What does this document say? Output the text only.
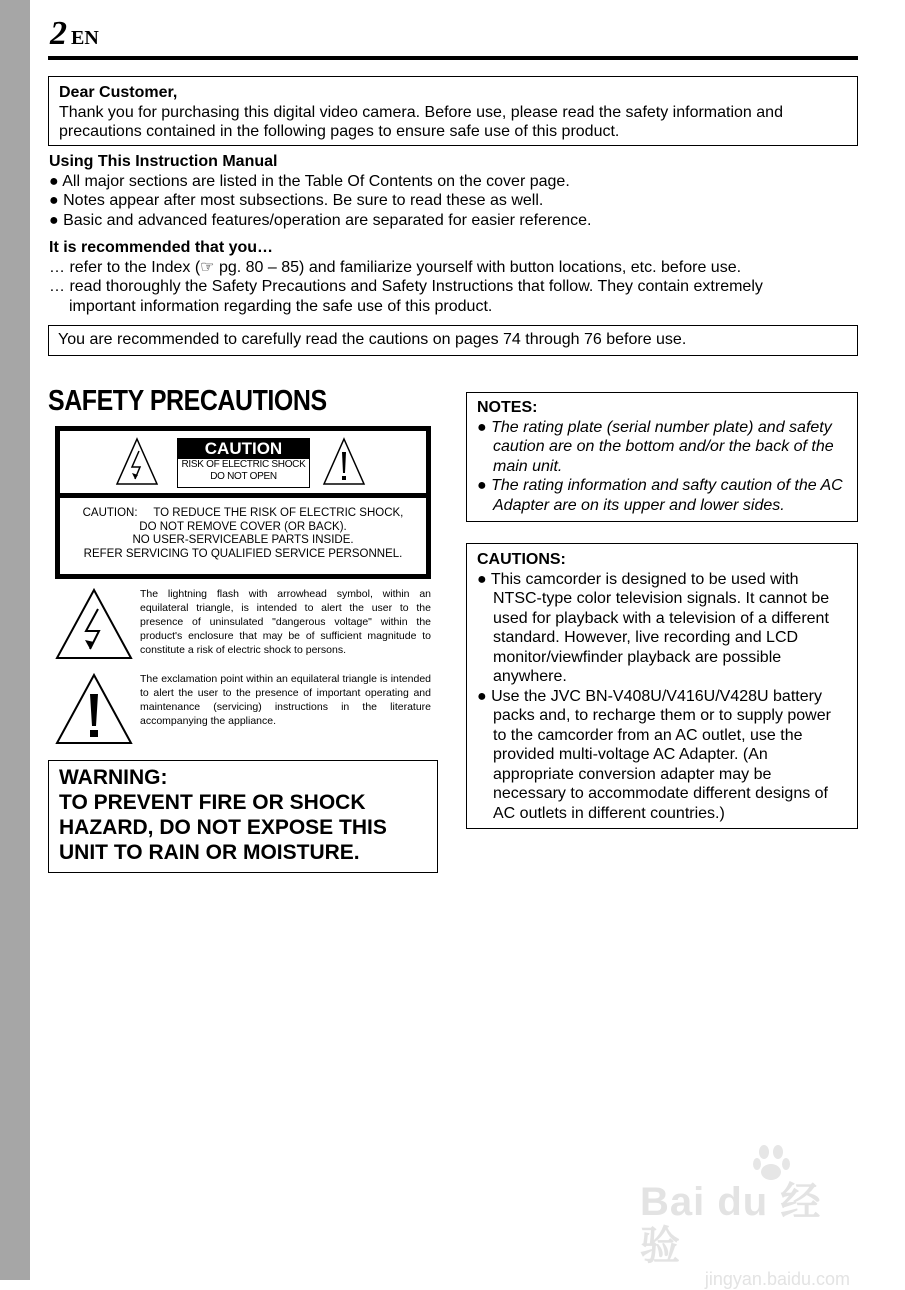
2 EN
Dear Customer,
Thank you for purchasing this digital video camera. Before use, please read the safety information and precautions contained in the following pages to ensure safe use of this product.
Using This Instruction Manual
● All major sections are listed in the Table Of Contents on the cover page.
● Notes appear after most subsections. Be sure to read these as well.
● Basic and advanced features/operation are separated for easier reference.
It is recommended that you…
… refer to the Index (☞ pg. 80 – 85) and familiarize yourself with button locations, etc. before use.
… read thoroughly the Safety Precautions and Safety Instructions that follow. They contain extremely important information regarding the safe use of this product.
You are recommended to carefully read the cautions on pages 74 through 76 before use.
SAFETY PRECAUTIONS
CAUTION
RISK OF ELECTRIC SHOCK
DO NOT OPEN
CAUTION:     TO REDUCE THE RISK OF ELECTRIC SHOCK,
DO NOT REMOVE COVER (OR BACK).
NO USER-SERVICEABLE PARTS INSIDE.
REFER SERVICING TO QUALIFIED SERVICE PERSONNEL.
The lightning flash with arrowhead symbol, within an equilateral triangle, is intended to alert the user to the presence of uninsulated "dangerous voltage" within the product's enclosure that may be of sufficient magnitude to constitute a risk of electric shock to persons.
The exclamation point within an equilateral triangle is intended to alert the user to the presence of important operating and maintenance (servicing) instructions in the literature accompanying the appliance.
WARNING:
TO PREVENT FIRE OR SHOCK HAZARD, DO NOT EXPOSE THIS UNIT TO RAIN OR MOISTURE.
NOTES:
● The rating plate (serial number plate) and safety caution are on the bottom and/or the back of the main unit.
● The rating information and safty caution of the AC Adapter are on its upper and lower sides.
CAUTIONS:
● This camcorder is designed to be used with NTSC-type color television signals. It cannot be used for playback with a television of a different standard. However, live recording and LCD monitor/viewfinder playback are possible anywhere.
● Use the JVC BN-V408U/V416U/V428U battery packs and, to recharge them or to supply power to the camcorder from an AC outlet, use the provided multi-voltage AC Adapter. (An appropriate conversion adapter may be necessary to accommodate different designs of AC outlets in different countries.)
Bai du 经验
jingyan.baidu.com
